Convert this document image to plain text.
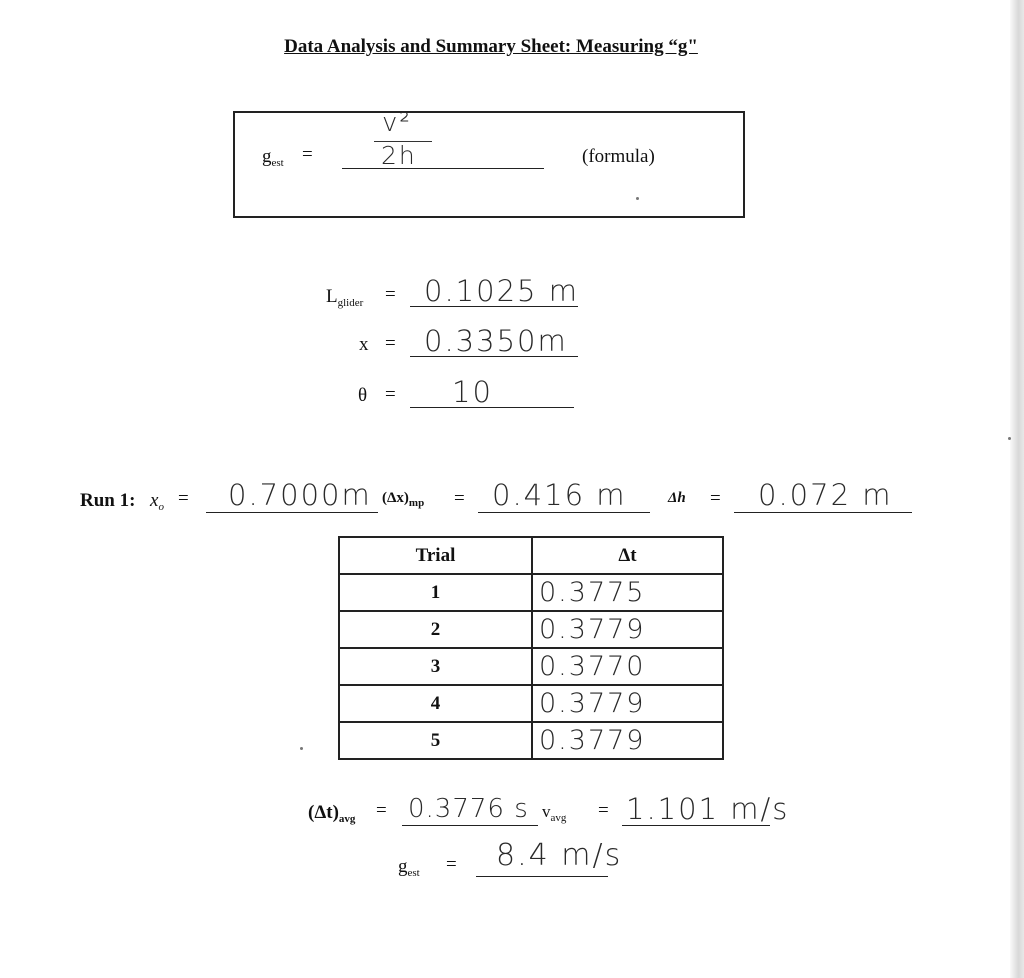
Data Analysis and Summary Sheet: Measuring “g"
$g_{est}$ =
v²
2h	(formula)
$L_{glider} = 0.1025$ m
x = 0.3350m
θ = 10
Run 1: $x_o = 0.7000m$ $(\Delta x)_{mp} = 0.416$ m	Δh = 0.072 m
Trial	Δt
1	0.3775
2	0.3779
3	0.3770
4	0.3779
5	0.3779
$(\Delta t)_{avg} = 0.3776$ s $v_{avg} = 1.101$ m/s
$g_{est} = 8.4$ m/s
